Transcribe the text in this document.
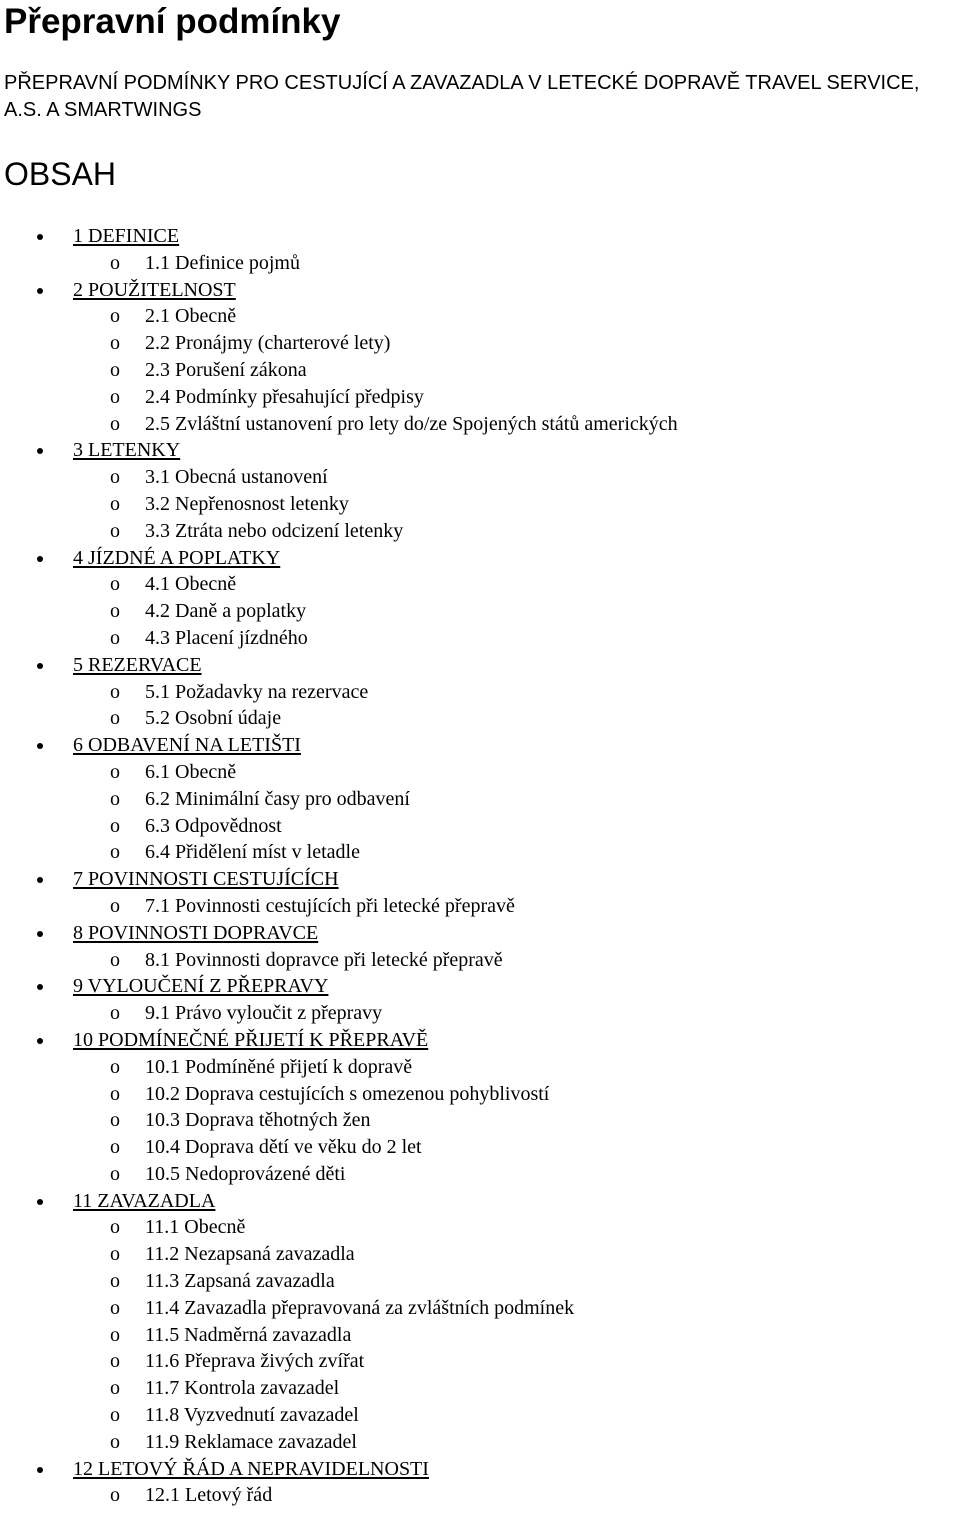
Přepravní podmínky
PŘEPRAVNÍ PODMÍNKY PRO CESTUJÍCÍ A ZAVAZADLA V LETECKÉ DOPRAVĚ TRAVEL SERVICE, A.S. A SMARTWINGS
OBSAH
1 DEFINICE
o 1.1 Definice pojmů
2 POUŽITELNOST
o 2.1 Obecně
o 2.2 Pronájmy (charterové lety)
o 2.3 Porušení zákona
o 2.4 Podmínky přesahující předpisy
o 2.5 Zvláštní ustanovení pro lety do/ze Spojených států amerických
3 LETENKY
o 3.1 Obecná ustanovení
o 3.2 Nepřenosnost letenky
o 3.3 Ztráta nebo odcizení letenky
4 JÍZDNÉ A POPLATKY
o 4.1 Obecně
o 4.2 Daně a poplatky
o 4.3 Placení jízdného
5 REZERVACE
o 5.1 Požadavky na rezervace
o 5.2 Osobní údaje
6 ODBAVENÍ NA LETIŠTI
o 6.1 Obecně
o 6.2 Minimální časy pro odbavení
o 6.3 Odpovědnost
o 6.4 Přidělení míst v letadle
7 POVINNOSTI CESTUJÍCÍCH
o 7.1 Povinnosti cestujících při letecké přepravě
8 POVINNOSTI DOPRAVCE
o 8.1 Povinnosti dopravce při letecké přepravě
9 VYLOUČENÍ Z PŘEPRAVY
o 9.1 Právo vyloučit z přepravy
10 PODMÍNEČNÉ PŘIJETÍ K PŘEPRAVĚ
o 10.1 Podmíněné přijetí k dopravě
o 10.2 Doprava cestujících s omezenou pohyblivostí
o 10.3 Doprava těhotných žen
o 10.4 Doprava dětí ve věku do 2 let
o 10.5 Nedoprovázené děti
11 ZAVAZADLA
o 11.1 Obecně
o 11.2 Nezapsaná zavazadla
o 11.3 Zapsaná zavazadla
o 11.4 Zavazadla přepravovaná za zvláštních podmínek
o 11.5 Nadměrná zavazadla
o 11.6 Přeprava živých zvířat
o 11.7 Kontrola zavazadel
o 11.8 Vyzvednutí zavazadel
o 11.9 Reklamace zavazadel
12 LETOVÝ ŘÁD A NEPRAVIDELNOSTI
o 12.1 Letový řád
